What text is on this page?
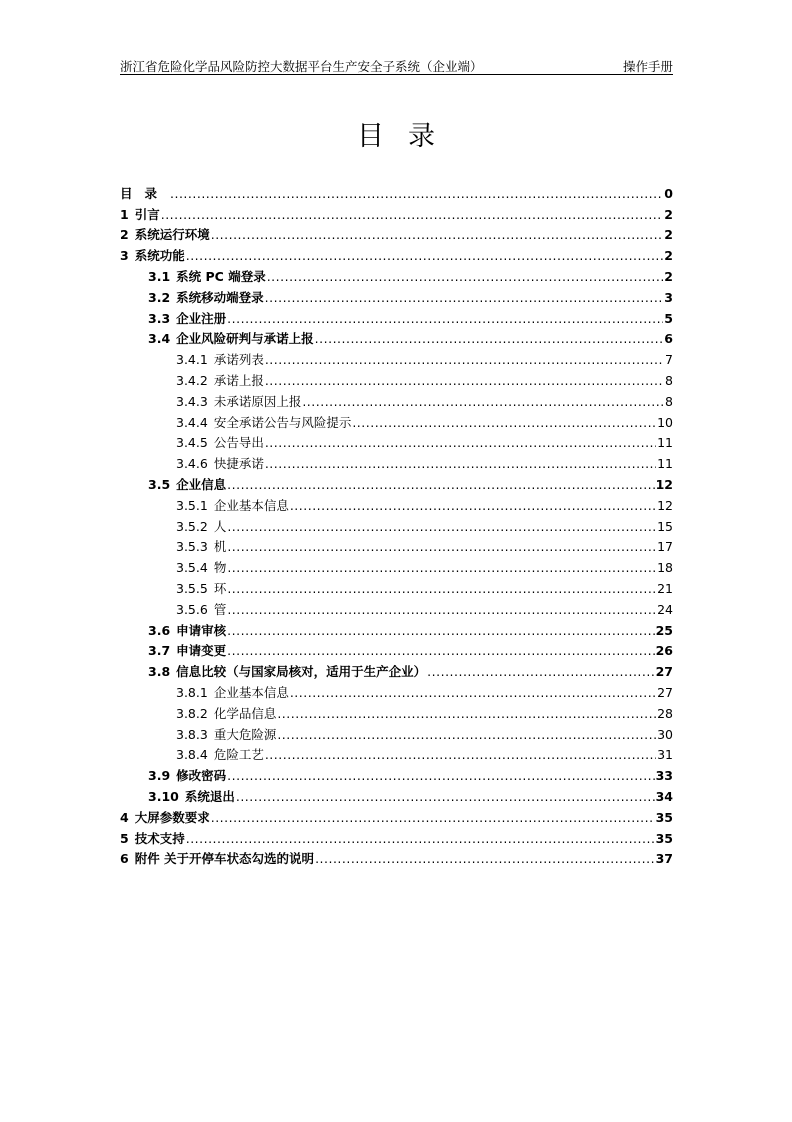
浙江省危险化学品风险防控大数据平台生产安全子系统（企业端）	操作手册
目录
目录 .....	0
1 引言 .....	2
2 系统运行环境 .....	2
3 系统功能 .....	2
3.1 系统 PC 端登录 .....	2
3.2 系统移动端登录 .....	3
3.3 企业注册 .....	5
3.4 企业风险研判与承诺上报 .....	6
3.4.1 承诺列表 .....	7
3.4.2 承诺上报 .....	8
3.4.3 未承诺原因上报 .....	8
3.4.4 安全承诺公告与风险提示 .....	10
3.4.5 公告导出 .....	11
3.4.6 快捷承诺 .....	11
3.5 企业信息 .....	12
3.5.1 企业基本信息 .....	12
3.5.2 人 .....	15
3.5.3 机 .....	17
3.5.4 物 .....	18
3.5.5 环 .....	21
3.5.6 管 .....	24
3.6 申请审核 .....	25
3.7 申请变更 .....	26
3.8 信息比较（与国家局核对，适用于生产企业） .....	27
3.8.1 企业基本信息 .....	27
3.8.2 化学品信息 .....	28
3.8.3 重大危险源 .....	30
3.8.4 危险工艺 .....	31
3.9 修改密码 .....	33
3.10 系统退出 .....	34
4 大屏参数要求 .....	35
5 技术支持 .....	35
6 附件 关于开停车状态勾选的说明 .....	37
